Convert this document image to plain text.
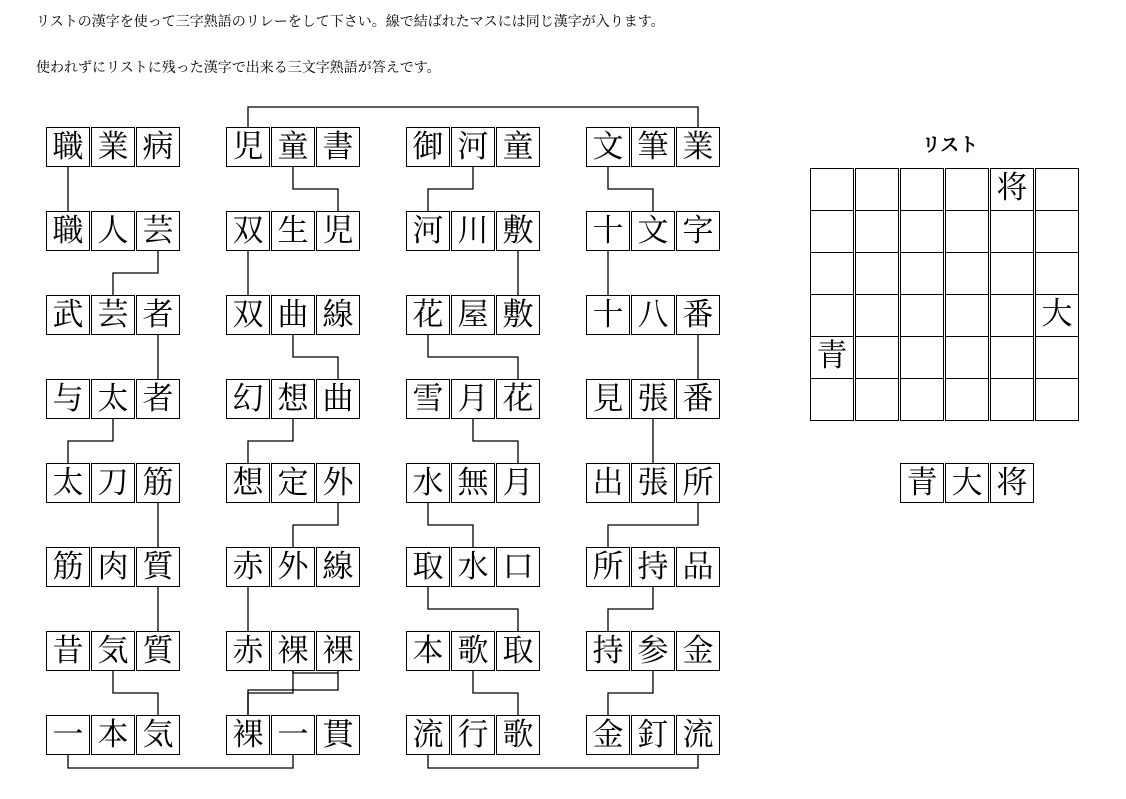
リストの漢字を使って三字熟語のリレーをして下さい。線で結ばれたマスには同じ漢字が入ります。
使われずにリストに残った漢字で出来る三文字熟語が答えです。
職 業 病
職 人 芸
武 芸 者
与 太 者
太 刀 筋
筋 肉 質
昔 気 質
一 本 気
児 童 書
双 生 児
双 曲 線
幻 想 曲
想 定 外
赤 外 線
赤 裸 裸
裸 一 貫
御 河 童
河 川 敷
花 屋 敷
雪 月 花
水 無 月
取 水 口
本 歌 取
流 行 歌
文 筆 業
十 文 字
十 八 番
見 張 番
出 張 所
所 持 品
持 参 金
金 釘 流
リスト
将
大
青
青 大 将
